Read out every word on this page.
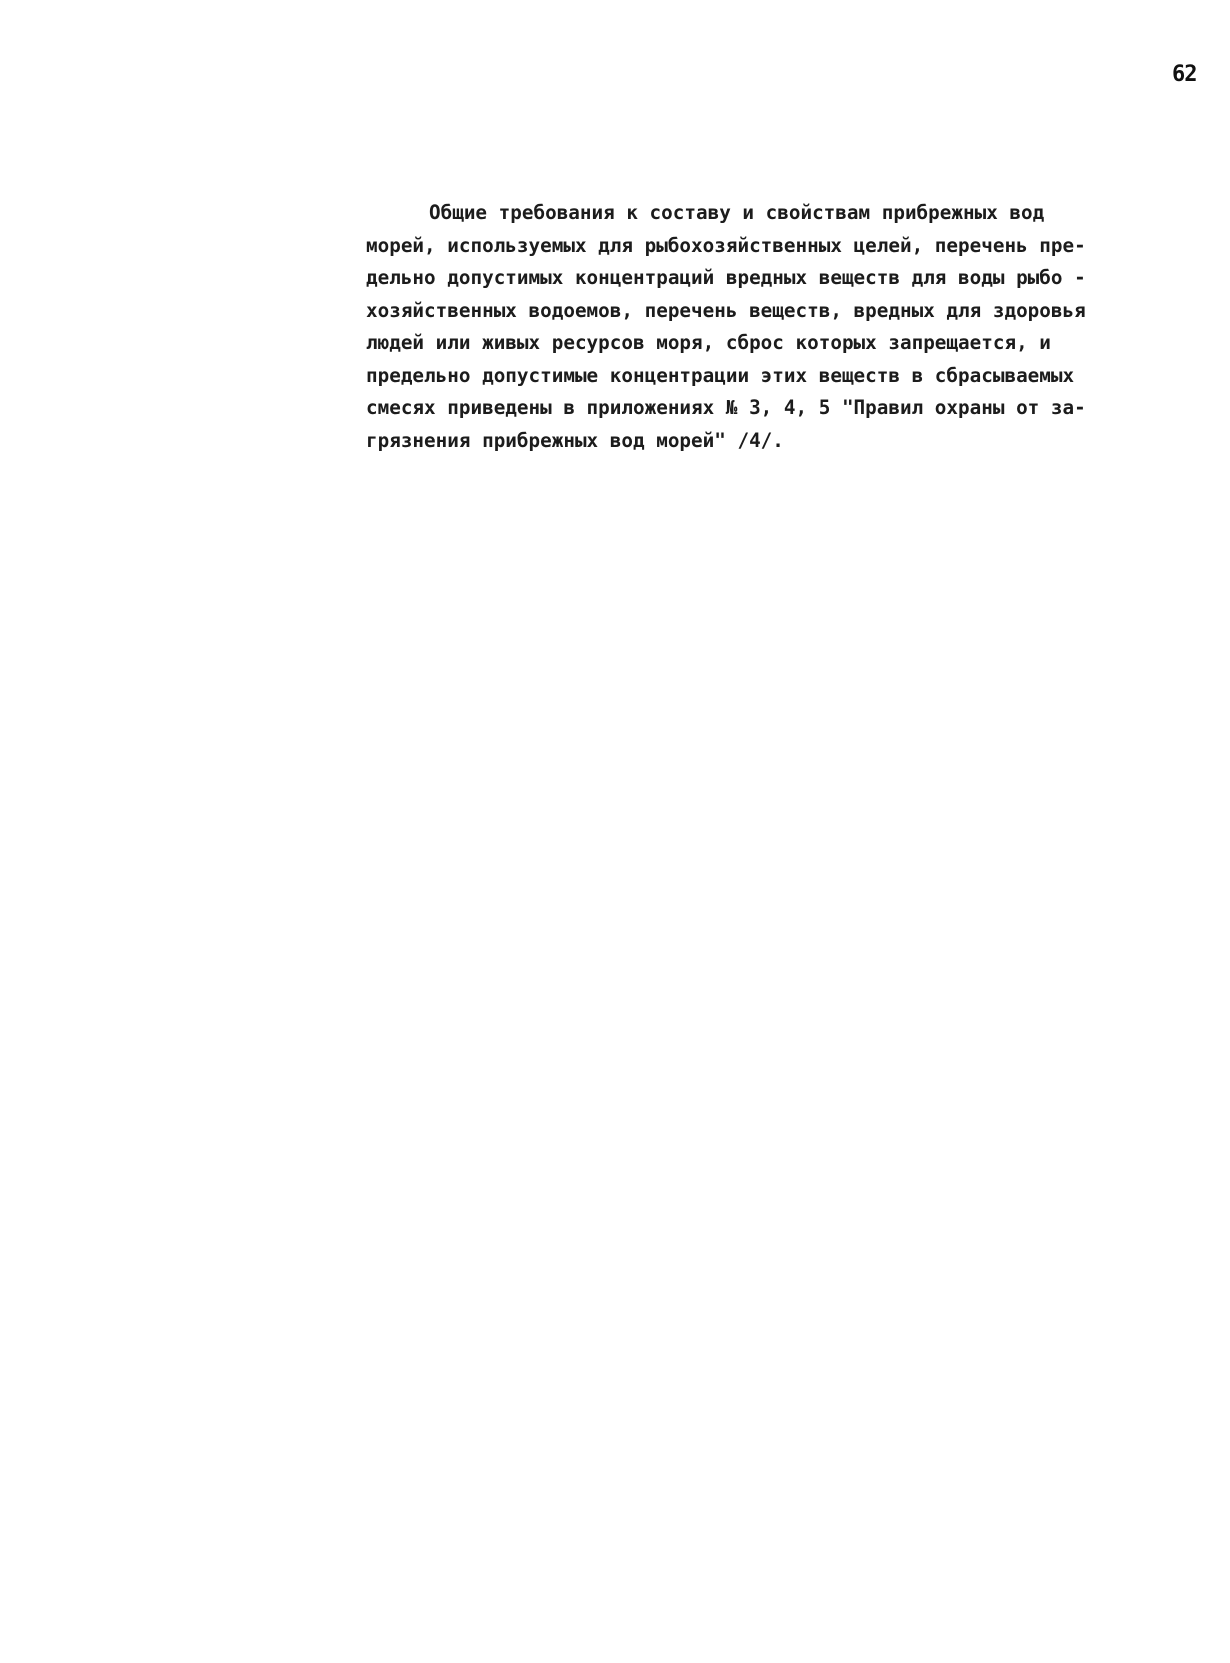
62
Общие требования к составу и свойствам прибрежных вод
морей, используемых для рыбохозяйственных целей, перечень пре-
дельно допустимых концентраций вредных веществ для воды рыбо -
хозяйственных водоемов, перечень веществ, вредных для здоровья
людей или живых ресурсов моря, сброс которых запрещается, и
предельно допустимые концентрации этих веществ в сбрасываемых
смесях приведены в приложениях № 3, 4, 5 "Правил охраны от за-
грязнения прибрежных вод морей" /4/.
